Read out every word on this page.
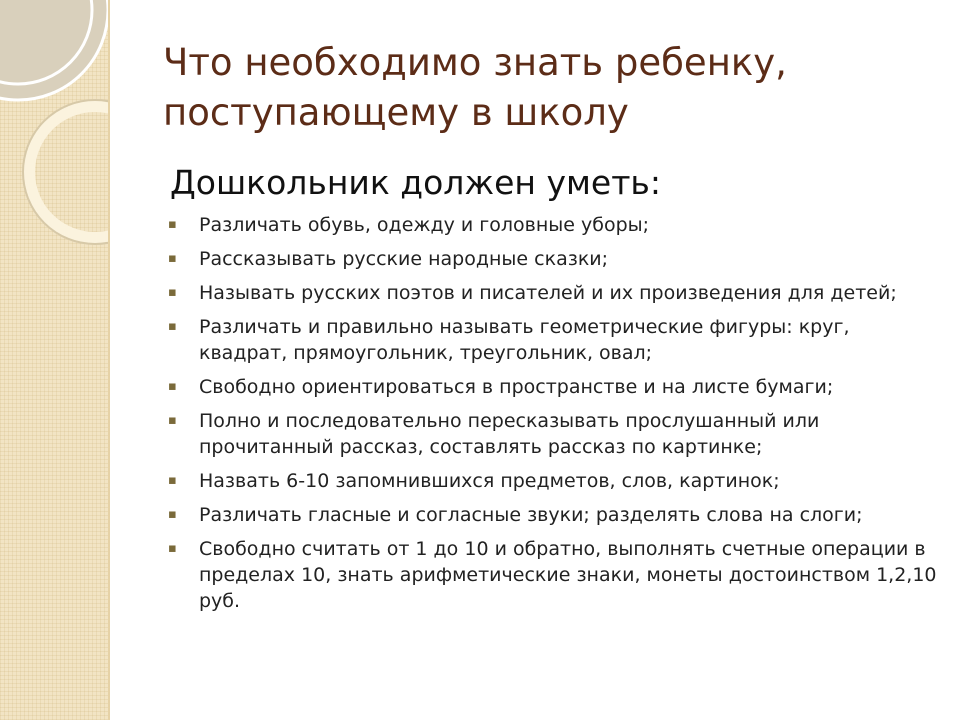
Что необходимо знать ребенку, поступающему в школу
Дошкольник должен уметь:
▪ Различать обувь, одежду и головные уборы;
▪ Рассказывать русские народные сказки;
▪ Называть русских поэтов и писателей и их произведения для детей;
▪ Различать и правильно называть геометрические фигуры: круг, квадрат, прямоугольник, треугольник, овал;
▪ Свободно ориентироваться в пространстве и на листе бумаги;
▪ Полно и последовательно пересказывать прослушанный или прочитанный рассказ, составлять рассказ по картинке;
▪ Назвать 6-10 запомнившихся предметов, слов, картинок;
▪ Различать гласные и согласные звуки; разделять слова на слоги;
▪ Свободно считать от 1 до 10 и обратно, выполнять счетные операции в пределах 10, знать арифметические знаки, монеты достоинством 1,2,10 руб.
